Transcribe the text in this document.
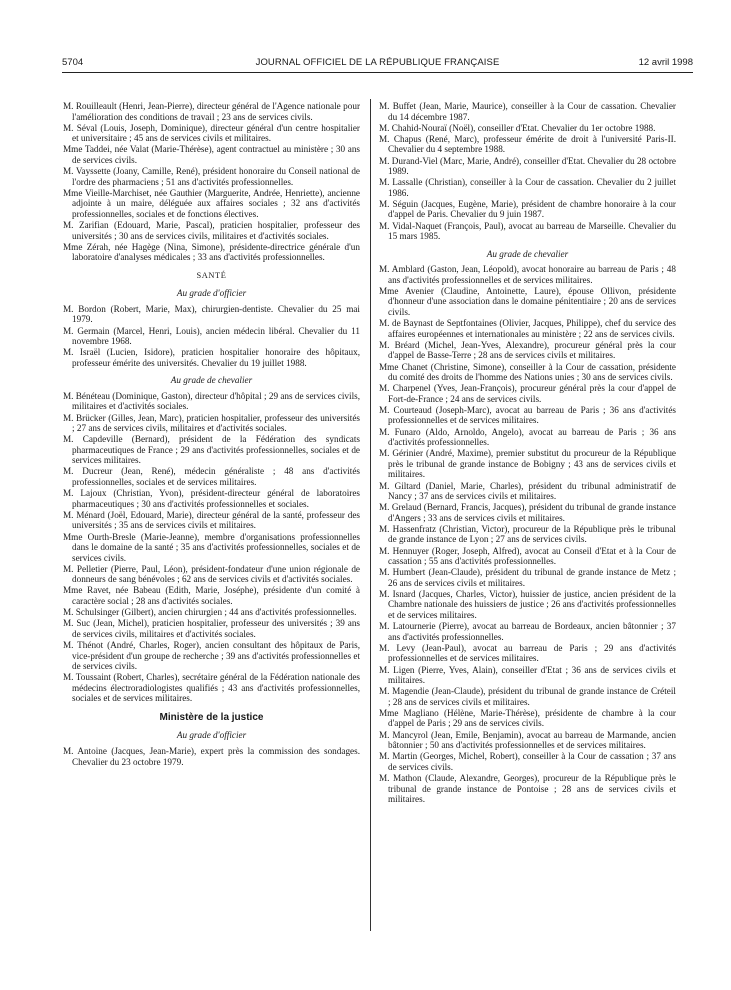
5704	JOURNAL OFFICIEL DE LA RÉPUBLIQUE FRANÇAISE	12 avril 1998

M. Rouilleault (Henri, Jean-Pierre), directeur général de l'Agence nationale pour l'amélioration des conditions de travail ; 23 ans de services civils.

M. Séval (Louis, Joseph, Dominique), directeur général d'un centre hospitalier et universitaire ; 45 ans de services civils et militaires.

Mme Taddei, née Valat (Marie-Thérèse), agent contractuel au ministère ; 30 ans de services civils.

M. Vayssette (Joany, Camille, René), président honoraire du Conseil national de l'ordre des pharmaciens ; 51 ans d'activités professionnelles.

Mme Vieille-Marchiset, née Gauthier (Marguerite, Andrée, Henriette), ancienne adjointe à un maire, déléguée aux affaires sociales ; 32 ans d'activités professionnelles, sociales et de fonctions électives.

M. Zarifian (Edouard, Marie, Pascal), praticien hospitalier, professeur des universités ; 30 ans de services civils, militaires et d'activités sociales.

Mme Zérah, née Hagège (Nina, Simone), présidente-directrice générale d'un laboratoire d'analyses médicales ; 33 ans d'activités professionnelles.

SANTÉ

Au grade d'officier

M. Bordon (Robert, Marie, Max), chirurgien-dentiste. Chevalier du 25 mai 1979.

M. Germain (Marcel, Henri, Louis), ancien médecin libéral. Chevalier du 11 novembre 1968.

M. Israël (Lucien, Isidore), praticien hospitalier honoraire des hôpitaux, professeur émérite des universités. Chevalier du 19 juillet 1988.

Au grade de chevalier

M. Bénéteau (Dominique, Gaston), directeur d'hôpital ; 29 ans de services civils, militaires et d'activités sociales.

M. Brücker (Gilles, Jean, Marc), praticien hospitalier, professeur des universités ; 27 ans de services civils, militaires et d'activités sociales.

M. Capdeville (Bernard), président de la Fédération des syndicats pharmaceutiques de France ; 29 ans d'activités professionnelles, sociales et de services militaires.

M. Ducreur (Jean, René), médecin généraliste ; 48 ans d'activités professionnelles, sociales et de services militaires.

M. Lajoux (Christian, Yvon), président-directeur général de laboratoires pharmaceutiques ; 30 ans d'activités professionnelles et sociales.

M. Ménard (Joël, Edouard, Marie), directeur général de la santé, professeur des universités ; 35 ans de services civils et militaires.

Mme Ourth-Bresle (Marie-Jeanne), membre d'organisations professionnelles dans le domaine de la santé ; 35 ans d'activités professionnelles, sociales et de services civils.

M. Pelletier (Pierre, Paul, Léon), président-fondateur d'une union régionale de donneurs de sang bénévoles ; 62 ans de services civils et d'activités sociales.

Mme Ravet, née Babeau (Edith, Marie, Joséphe), présidente d'un comité à caractère social ; 28 ans d'activités sociales.

M. Schulsinger (Gilbert), ancien chirurgien ; 44 ans d'activités professionnelles.

M. Suc (Jean, Michel), praticien hospitalier, professeur des universités ; 39 ans de services civils, militaires et d'activités sociales.

M. Thénot (André, Charles, Roger), ancien consultant des hôpitaux de Paris, vice-président d'un groupe de recherche ; 39 ans d'activités professionnelles et de services civils.

M. Toussaint (Robert, Charles), secrétaire général de la Fédération nationale des médecins électroradiologistes qualifiés ; 43 ans d'activités professionnelles, sociales et de services militaires.

Ministère de la justice

Au grade d'officier

M. Antoine (Jacques, Jean-Marie), expert près la commission des sondages. Chevalier du 23 octobre 1979.

M. Buffet (Jean, Marie, Maurice), conseiller à la Cour de cassation. Chevalier du 14 décembre 1987.

M. Chahid-Nouraï (Noël), conseiller d'Etat. Chevalier du 1er octobre 1988.

M. Chapus (René, Marc), professeur émérite de droit à l'université Paris-II. Chevalier du 4 septembre 1988.

M. Durand-Viel (Marc, Marie, André), conseiller d'Etat. Chevalier du 28 octobre 1989.

M. Lassalle (Christian), conseiller à la Cour de cassation. Chevalier du 2 juillet 1986.

M. Séguin (Jacques, Eugène, Marie), président de chambre honoraire à la cour d'appel de Paris. Chevalier du 9 juin 1987.

M. Vidal-Naquet (François, Paul), avocat au barreau de Marseille. Chevalier du 15 mars 1985.

Au grade de chevalier

M. Amblard (Gaston, Jean, Léopold), avocat honoraire au barreau de Paris ; 48 ans d'activités professionnelles et de services militaires.

Mme Avenier (Claudine, Antoinette, Laure), épouse Ollivon, présidente d'honneur d'une association dans le domaine pénitentiaire ; 20 ans de services civils.

M. de Baynast de Septfontaines (Olivier, Jacques, Philippe), chef du service des affaires européennes et internationales au ministère ; 22 ans de services civils.

M. Bréard (Michel, Jean-Yves, Alexandre), procureur général près la cour d'appel de Basse-Terre ; 28 ans de services civils et militaires.

Mme Chanet (Christine, Simone), conseiller à la Cour de cassation, présidente du comité des droits de l'homme des Nations unies ; 30 ans de services civils.

M. Charpenel (Yves, Jean-François), procureur général près la cour d'appel de Fort-de-France ; 24 ans de services civils.

M. Courteaud (Joseph-Marc), avocat au barreau de Paris ; 36 ans d'activités professionnelles et de services militaires.

M. Funaro (Aldo, Arnoldo, Angelo), avocat au barreau de Paris ; 36 ans d'activités professionnelles.

M. Gérinier (André, Maxime), premier substitut du procureur de la République près le tribunal de grande instance de Bobigny ; 43 ans de services civils et militaires.

M. Giltard (Daniel, Marie, Charles), président du tribunal administratif de Nancy ; 37 ans de services civils et militaires.

M. Grelaud (Bernard, Francis, Jacques), président du tribunal de grande instance d'Angers ; 33 ans de services civils et militaires.

M. Hassenfratz (Christian, Victor), procureur de la République près le tribunal de grande instance de Lyon ; 27 ans de services civils.

M. Hennuyer (Roger, Joseph, Alfred), avocat au Conseil d'Etat et à la Cour de cassation ; 55 ans d'activités professionnelles.

M. Humbert (Jean-Claude), président du tribunal de grande instance de Metz ; 26 ans de services civils et militaires.

M. Isnard (Jacques, Charles, Victor), huissier de justice, ancien président de la Chambre nationale des huissiers de justice ; 26 ans d'activités professionnelles et de services militaires.

M. Latournerie (Pierre), avocat au barreau de Bordeaux, ancien bâtonnier ; 37 ans d'activités professionnelles.

M. Levy (Jean-Paul), avocat au barreau de Paris ; 29 ans d'activités professionnelles et de services militaires.

M. Ligen (Pierre, Yves, Alain), conseiller d'Etat ; 36 ans de services civils et militaires.

M. Magendie (Jean-Claude), président du tribunal de grande instance de Créteil ; 28 ans de services civils et militaires.

Mme Magliano (Hélène, Marie-Thérèse), présidente de chambre à la cour d'appel de Paris ; 29 ans de services civils.

M. Mancyrol (Jean, Emile, Benjamin), avocat au barreau de Marmande, ancien bâtonnier ; 50 ans d'activités professionnelles et de services militaires.

M. Martin (Georges, Michel, Robert), conseiller à la Cour de cassation ; 37 ans de services civils.

M. Mathon (Claude, Alexandre, Georges), procureur de la République près le tribunal de grande instance de Pontoise ; 28 ans de services civils et militaires.
